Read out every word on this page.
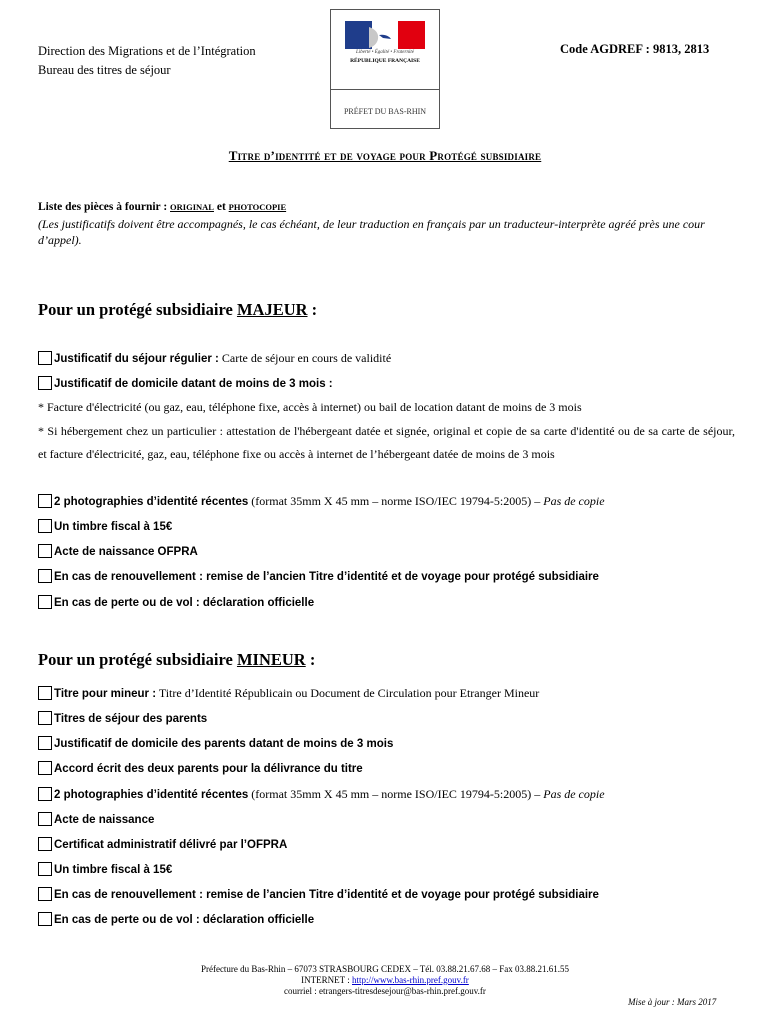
Direction des Migrations et de l’Intégration
Bureau des titres de séjour
Code AGDREF : 9813, 2813
Liberté • Égalité • Fraternité
RÉPUBLIQUE FRANÇAISE
PRÉFET DU BAS-RHIN
Titre d’identité et de voyage pour Protégé subsidiaire
Liste des pièces à fournir : ORIGINAL et PHOTOCOPIE
(Les justificatifs doivent être accompagnés, le cas échéant, de leur traduction en français par un traducteur-interprète agréé près une cour d’appel).
Pour un protégé subsidiaire MAJEUR :
Justificatif du séjour régulier : Carte de séjour en cours de validité
Justificatif de domicile datant de moins de 3 mois :
* Facture d'électricité (ou gaz, eau, téléphone fixe, accès à internet) ou bail de location datant de moins de 3 mois
* Si hébergement chez un particulier : attestation de l'hébergeant datée et signée, original et copie de sa carte d'identité ou de sa carte de séjour, et facture d'électricité, gaz, eau, téléphone fixe ou accès à internet de l’hébergeant datée de moins de 3 mois
2 photographies d’identité récentes (format 35mm X 45 mm – norme ISO/IEC 19794-5:2005) – Pas de copie
Un timbre fiscal à 15€
Acte de naissance OFPRA
En cas de renouvellement : remise de l’ancien Titre d’identité et de voyage pour protégé subsidiaire
En cas de perte ou de vol : déclaration officielle
Pour un protégé subsidiaire MINEUR :
Titre pour mineur : Titre d’Identité Républicain ou Document de Circulation pour Etranger Mineur
Titres de séjour des parents
Justificatif de domicile des parents datant de moins de 3 mois
Accord écrit des deux parents pour la délivrance du titre
2 photographies d’identité récentes (format 35mm X 45 mm – norme ISO/IEC 19794-5:2005) – Pas de copie
Acte de naissance
Certificat administratif délivré par l’OFPRA
Un timbre fiscal à 15€
En cas de renouvellement : remise de l’ancien Titre d’identité et de voyage pour protégé subsidiaire
En cas de perte ou de vol : déclaration officielle
Préfecture du Bas-Rhin – 67073 STRASBOURG CEDEX – Tél. 03.88.21.67.68 – Fax 03.88.21.61.55
INTERNET : http://www.bas-rhin.pref.gouv.fr
courriel : etrangers-titresdesejour@bas-rhin.pref.gouv.fr
Mise à jour : Mars 2017
